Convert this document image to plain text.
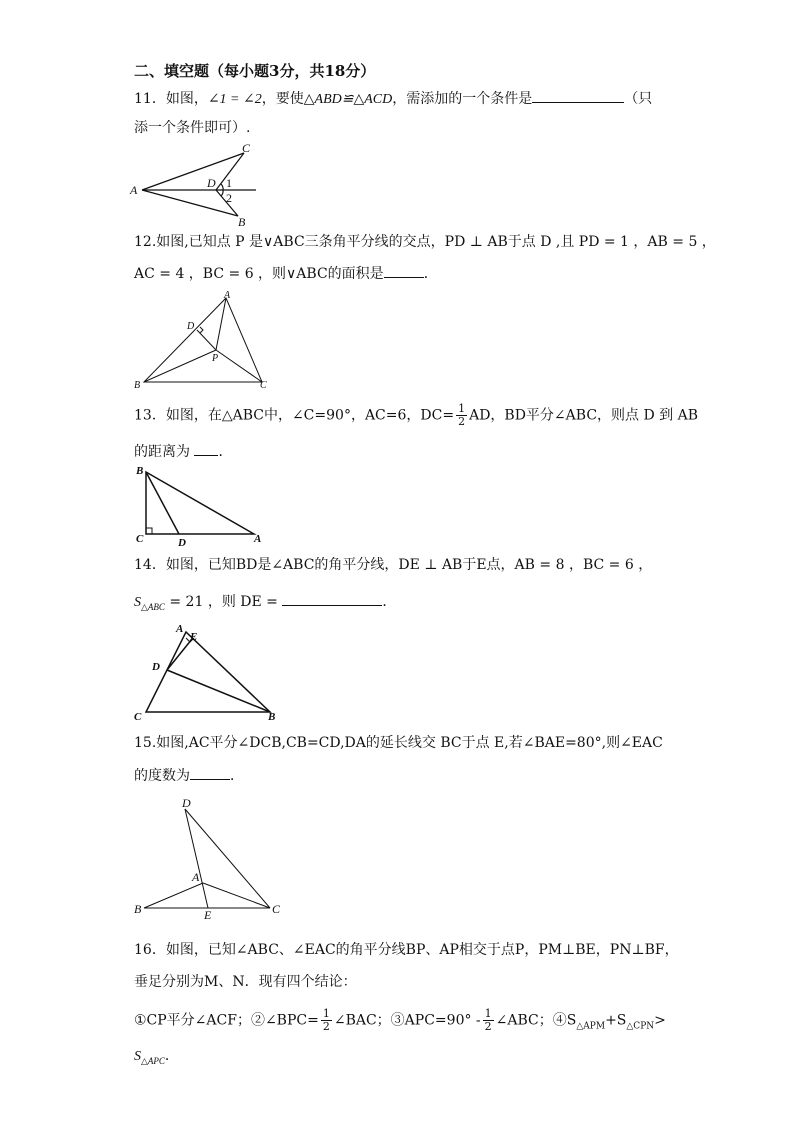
二、填空题（每小题3分，共18分）
11．如图，∠1 = ∠2，要使△ABD≌△ACD，需添加的一个条件是	（只
添一个条件即可）.
A
C
D 1
2
B
12.如图,已知点 P 是∨ABC三条角平分线的交点，PD ⊥ AB于点 D ,且 PD = 1 ，AB = 5 ，
AC = 4 ，BC = 6 ，则∨ABC的面积是	．
A
D
P
B	C
13．如图，在△ABC中，∠C=90°，AC=6，$DC= \frac{1}{2}$ AD，BD平分∠ABC，则点 D 到 AB
的距离为 ．
B
C	D	A
14．如图，已知BD是∠ABC的角平分线，DE ⊥ AB于E点，AB = 8 ，BC = 6 ，
$S_{\triangle ABC} = 21$ ，则 DE =	．
A
E
D
C	B
15.如图,AC平分∠DCB,CB=CD,DA的延长线交 BC于点 E,若∠BAE=80°,则∠EAC
的度数为	．
D
A
B	E	C
16．如图，已知∠ABC、∠EAC的角平分线BP、AP相交于点P，PM⊥BE，PN⊥BF，
垂足分别为M、N．现有四个结论：
①CP平分∠ACF；②∠BPC= $\frac{1}{2}$ ∠BAC；③APC=90° - $\frac{1}{2}$ ∠ABC；$④S_{\triangle APM}+S_{\triangle CPN}>$
$S_{\triangle APC}$．
